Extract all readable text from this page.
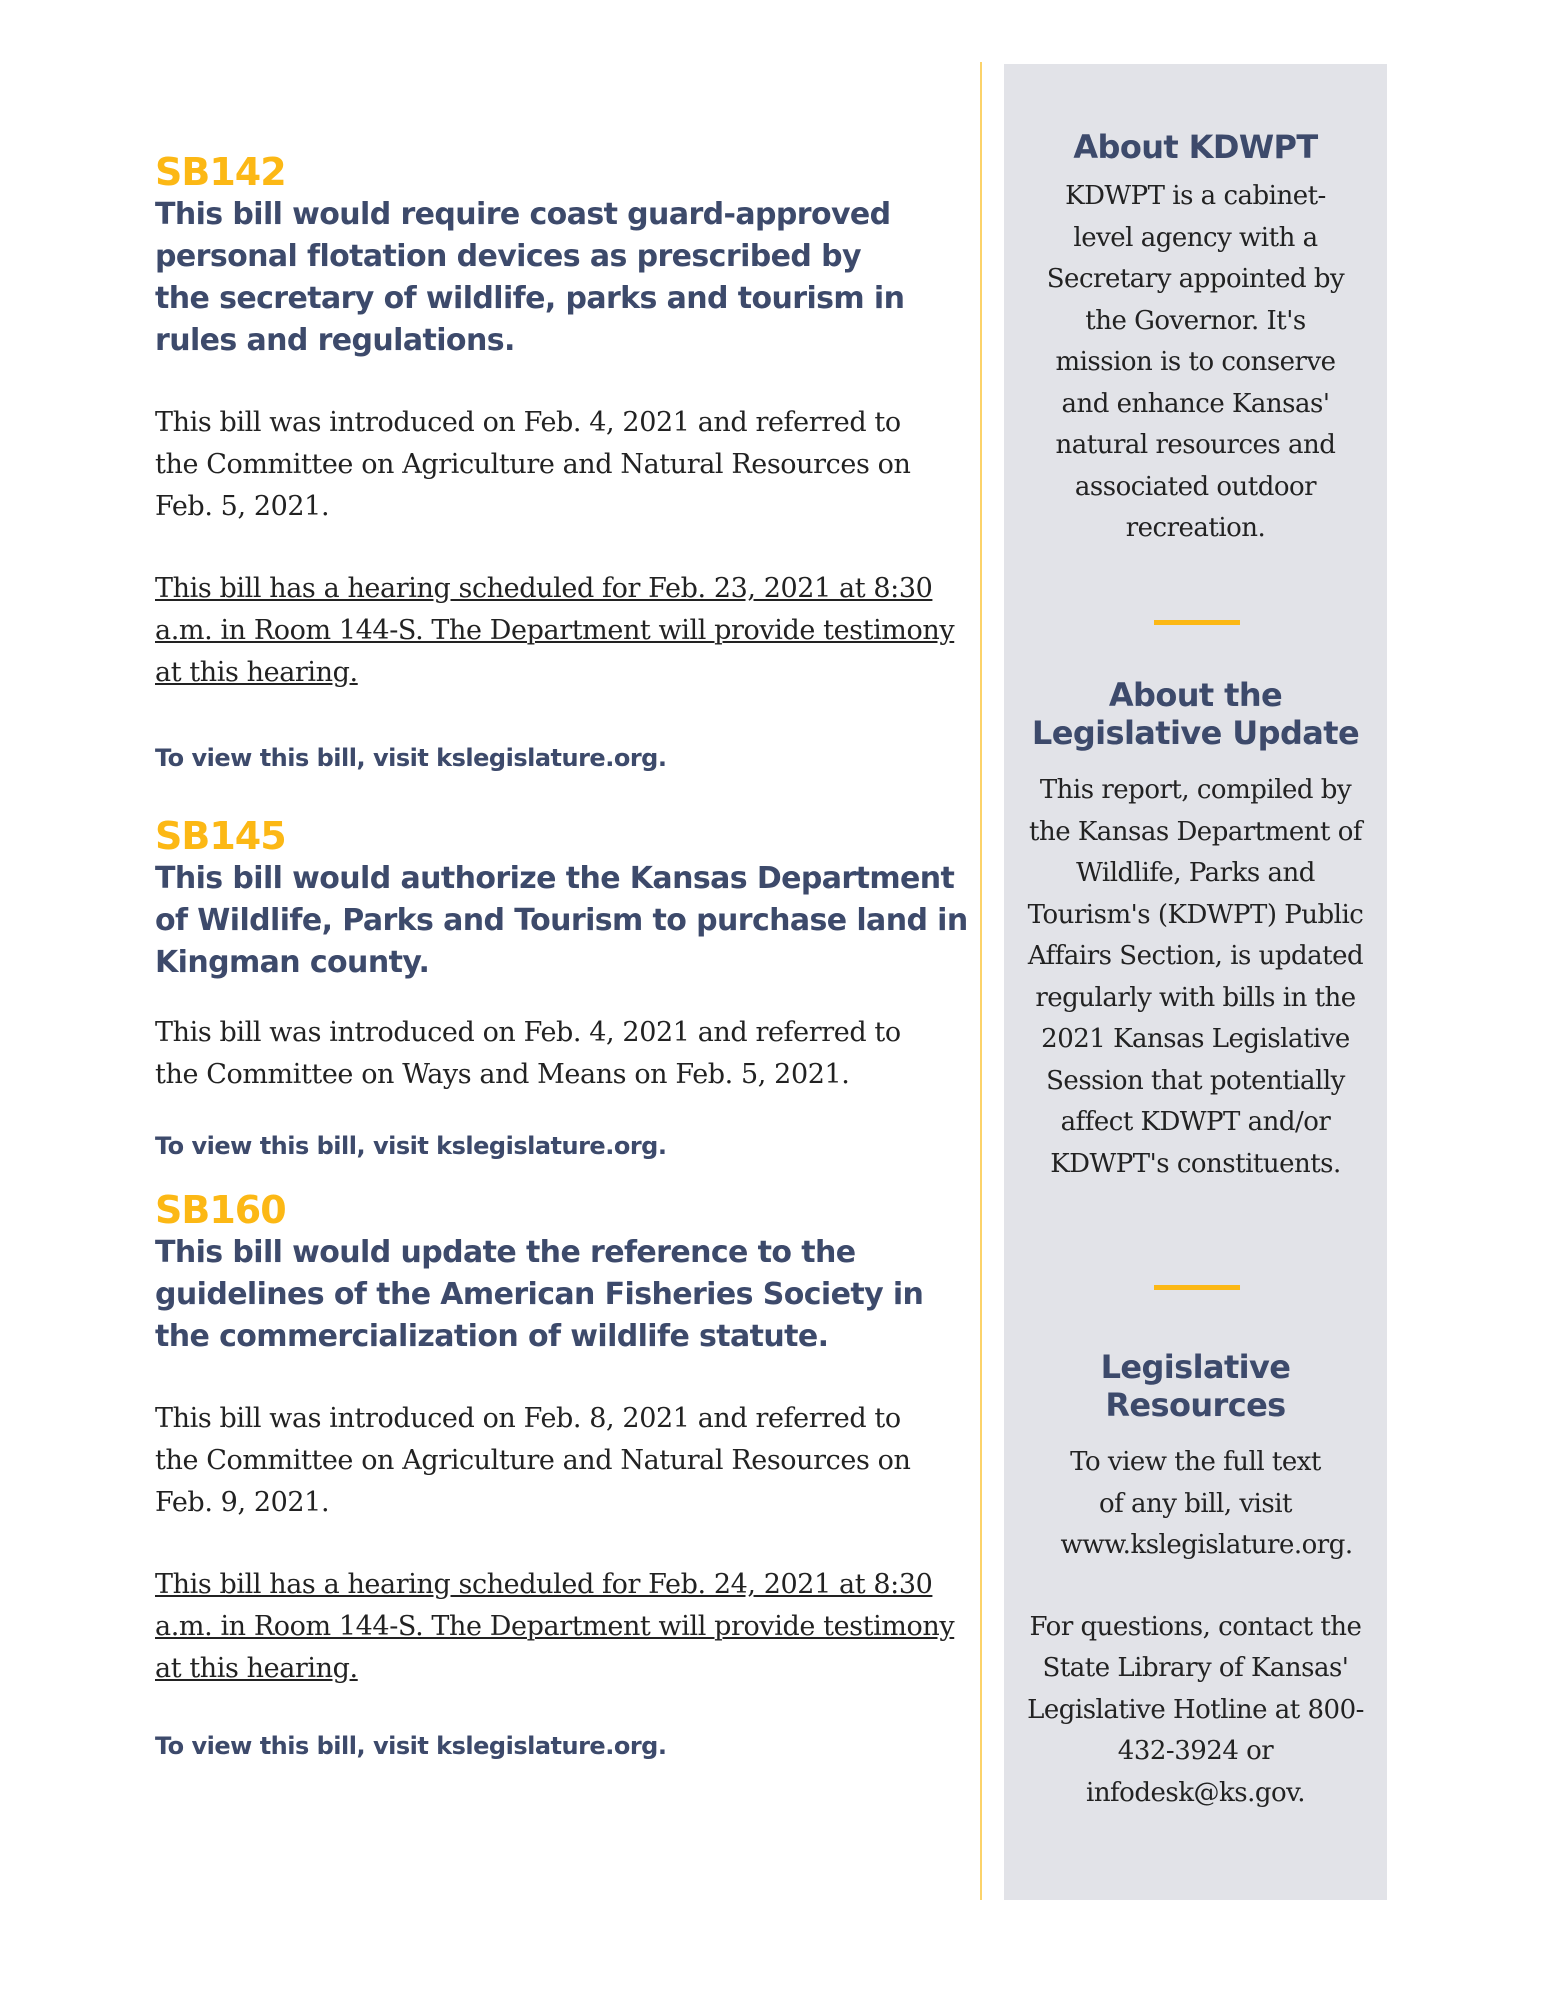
SB142

This bill would require coast guard-approved personal flotation devices as prescribed by the secretary of wildlife, parks and tourism in rules and regulations.

This bill was introduced on Feb. 4, 2021 and referred to the Committee on Agriculture and Natural Resources on Feb. 5, 2021.

This bill has a hearing scheduled for Feb. 23, 2021 at 8:30 a.m. in Room 144-S. The Department will provide testimony at this hearing.

To view this bill, visit kslegislature.org.

SB145

This bill would authorize the Kansas Department of Wildlife, Parks and Tourism to purchase land in Kingman county.

This bill was introduced on Feb. 4, 2021 and referred to the Committee on Ways and Means on Feb. 5, 2021.

To view this bill, visit kslegislature.org.

SB160

This bill would update the reference to the guidelines of the American Fisheries Society in the commercialization of wildlife statute.

This bill was introduced on Feb. 8, 2021 and referred to the Committee on Agriculture and Natural Resources on Feb. 9, 2021.

This bill has a hearing scheduled for Feb. 24, 2021 at 8:30 a.m. in Room 144-S. The Department will provide testimony at this hearing.

To view this bill, visit kslegislature.org.

About KDWPT

KDWPT is a cabinet-level agency with a Secretary appointed by the Governor. It's mission is to conserve and enhance Kansas' natural resources and associated outdoor recreation.

About the
Legislative Update

This report, compiled by the Kansas Department of Wildlife, Parks and Tourism's (KDWPT) Public Affairs Section, is updated regularly with bills in the 2021 Kansas Legislative Session that potentially affect KDWPT and/or KDWPT's constituents.

Legislative
Resources

To view the full text of any bill, visit www.kslegislature.org.

For questions, contact the State Library of Kansas' Legislative Hotline at 800-432-3924 or infodesk@ks.gov.
